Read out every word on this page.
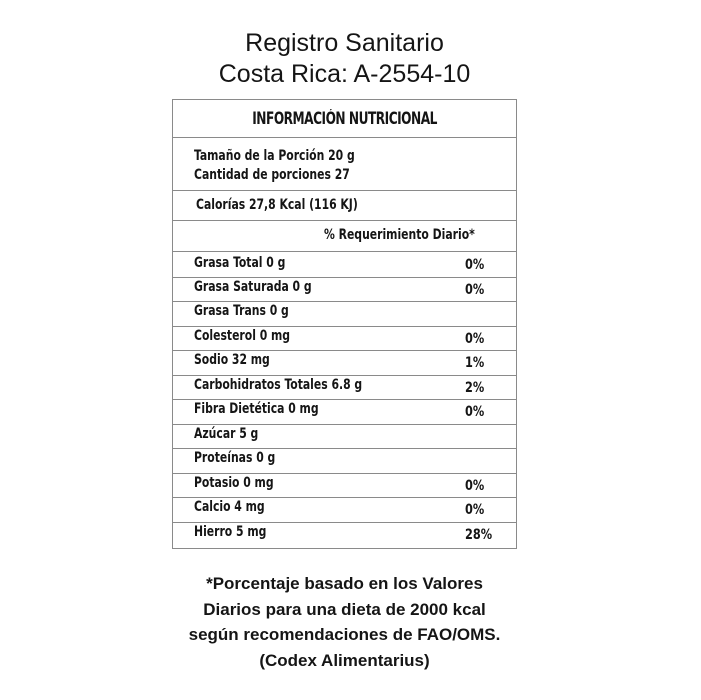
Registro Sanitario
Costa Rica: A-2554-10
INFORMACIÓN NUTRICIONAL
Tamaño de la Porción 20 g
Cantidad de porciones 27
Calorías 27,8 Kcal (116 KJ)
% Requerimiento Diario*
Grasa Total 0 g	0%
Grasa Saturada 0 g	0%
Grasa Trans 0 g
Colesterol 0 mg	0%
Sodio 32 mg	1%
Carbohidratos Totales 6.8 g	2%
Fibra Dietética 0 mg	0%
Azúcar 5 g
Proteínas 0 g
Potasio 0 mg	0%
Calcio 4 mg	0%
Hierro 5 mg	28%
*Porcentaje basado en los Valores
Diarios para una dieta de 2000 kcal
según recomendaciones de FAO/OMS.
(Codex Alimentarius)
